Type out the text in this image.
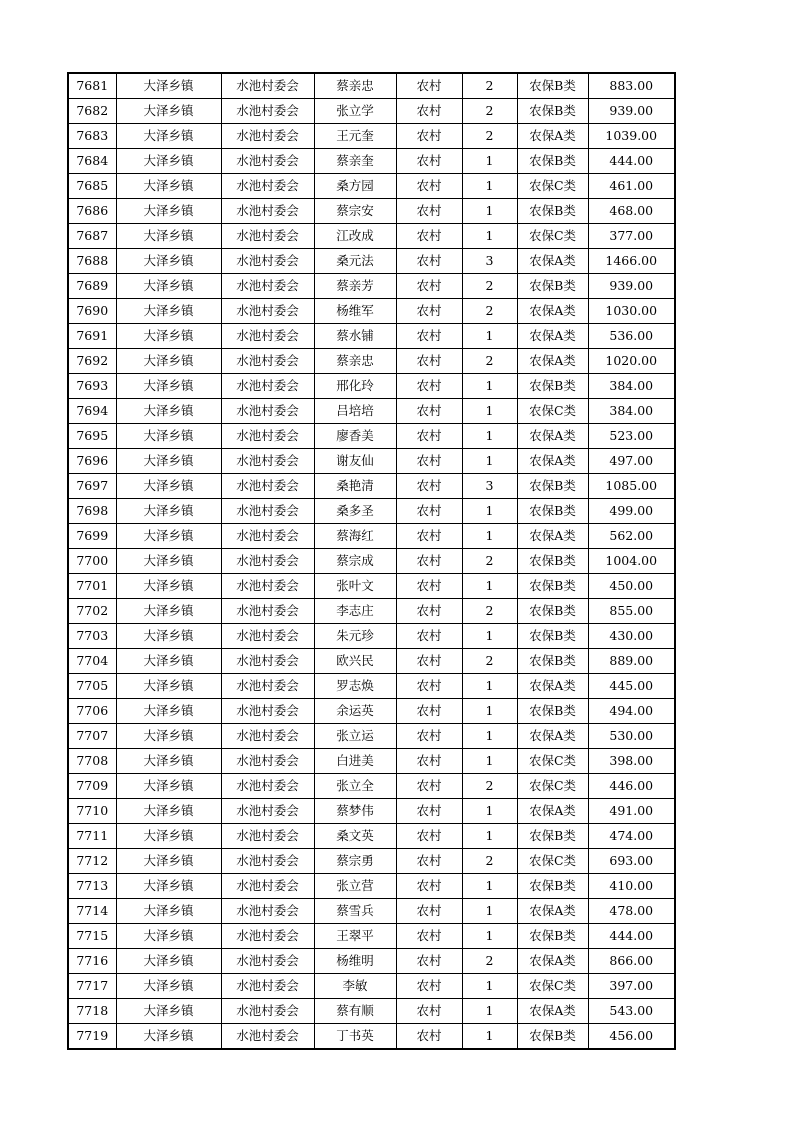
7681	大泽乡镇	水池村委会	蔡亲忠	农村	2	农保B类	883.00
7682	大泽乡镇	水池村委会	张立学	农村	2	农保B类	939.00
7683	大泽乡镇	水池村委会	王元奎	农村	2	农保A类	1039.00
7684	大泽乡镇	水池村委会	蔡亲奎	农村	1	农保B类	444.00
7685	大泽乡镇	水池村委会	桑方园	农村	1	农保C类	461.00
7686	大泽乡镇	水池村委会	蔡宗安	农村	1	农保B类	468.00
7687	大泽乡镇	水池村委会	江改成	农村	1	农保C类	377.00
7688	大泽乡镇	水池村委会	桑元法	农村	3	农保A类	1466.00
7689	大泽乡镇	水池村委会	蔡亲芳	农村	2	农保B类	939.00
7690	大泽乡镇	水池村委会	杨维军	农村	2	农保A类	1030.00
7691	大泽乡镇	水池村委会	蔡水铺	农村	1	农保A类	536.00
7692	大泽乡镇	水池村委会	蔡亲忠	农村	2	农保A类	1020.00
7693	大泽乡镇	水池村委会	邢化玲	农村	1	农保B类	384.00
7694	大泽乡镇	水池村委会	吕培培	农村	1	农保C类	384.00
7695	大泽乡镇	水池村委会	廖香美	农村	1	农保A类	523.00
7696	大泽乡镇	水池村委会	谢友仙	农村	1	农保A类	497.00
7697	大泽乡镇	水池村委会	桑艳清	农村	3	农保B类	1085.00
7698	大泽乡镇	水池村委会	桑多圣	农村	1	农保B类	499.00
7699	大泽乡镇	水池村委会	蔡海红	农村	1	农保A类	562.00
7700	大泽乡镇	水池村委会	蔡宗成	农村	2	农保B类	1004.00
7701	大泽乡镇	水池村委会	张叶文	农村	1	农保B类	450.00
7702	大泽乡镇	水池村委会	李志庄	农村	2	农保B类	855.00
7703	大泽乡镇	水池村委会	朱元珍	农村	1	农保B类	430.00
7704	大泽乡镇	水池村委会	欧兴民	农村	2	农保B类	889.00
7705	大泽乡镇	水池村委会	罗志焕	农村	1	农保A类	445.00
7706	大泽乡镇	水池村委会	余运英	农村	1	农保B类	494.00
7707	大泽乡镇	水池村委会	张立运	农村	1	农保A类	530.00
7708	大泽乡镇	水池村委会	白进美	农村	1	农保C类	398.00
7709	大泽乡镇	水池村委会	张立全	农村	2	农保C类	446.00
7710	大泽乡镇	水池村委会	蔡梦伟	农村	1	农保A类	491.00
7711	大泽乡镇	水池村委会	桑文英	农村	1	农保B类	474.00
7712	大泽乡镇	水池村委会	蔡宗勇	农村	2	农保C类	693.00
7713	大泽乡镇	水池村委会	张立营	农村	1	农保B类	410.00
7714	大泽乡镇	水池村委会	蔡雪兵	农村	1	农保A类	478.00
7715	大泽乡镇	水池村委会	王翠平	农村	1	农保B类	444.00
7716	大泽乡镇	水池村委会	杨维明	农村	2	农保A类	866.00
7717	大泽乡镇	水池村委会	李敏	农村	1	农保C类	397.00
7718	大泽乡镇	水池村委会	蔡有顺	农村	1	农保A类	543.00
7719	大泽乡镇	水池村委会	丁书英	农村	1	农保B类	456.00
